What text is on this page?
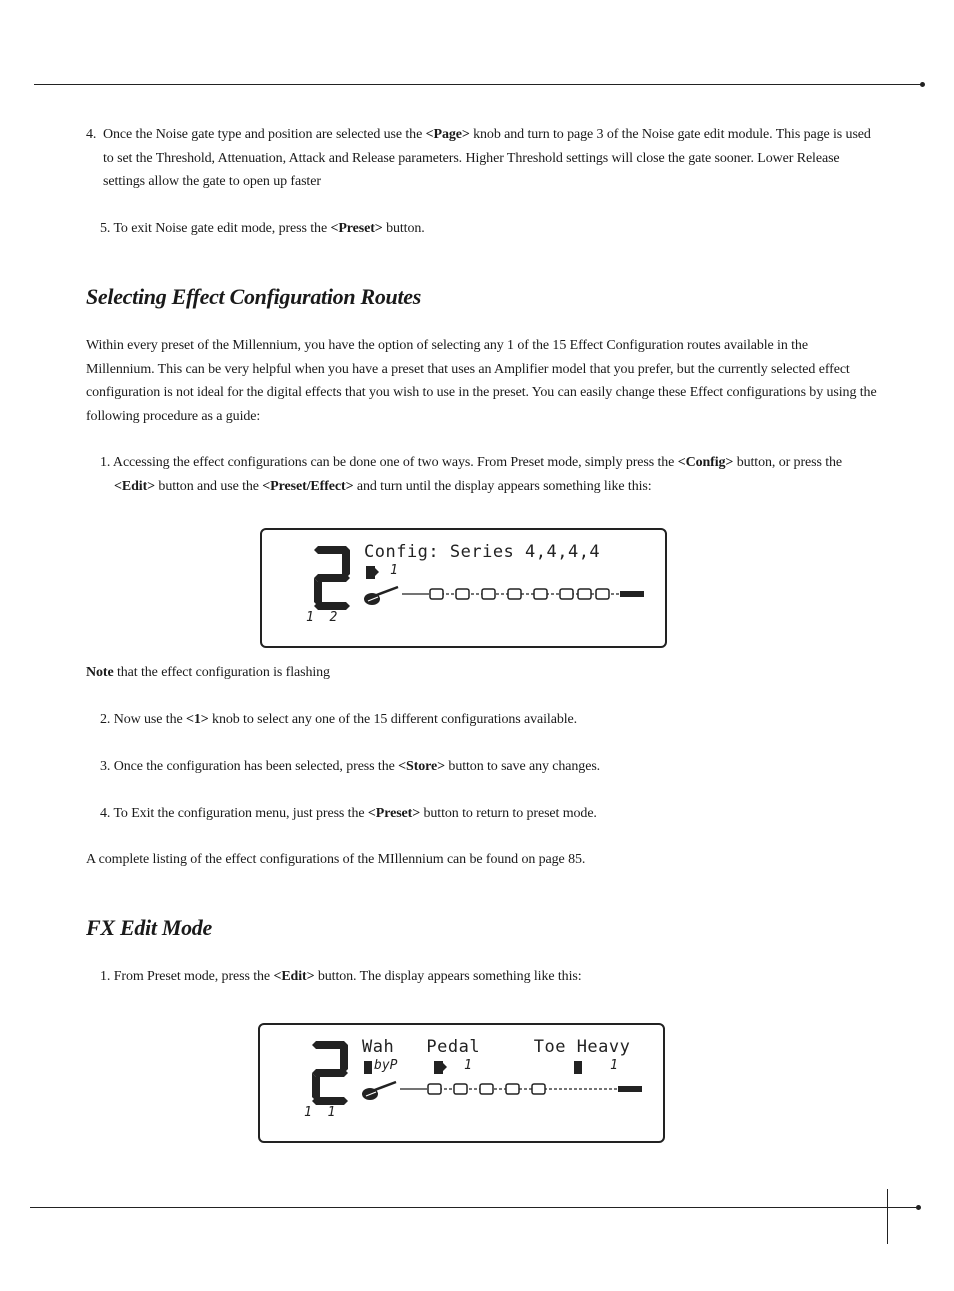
4. Once the Noise gate type and position are selected use the <Page> knob and turn to page 3 of the Noise gate edit module. This page is used to set the Threshold, Attenuation, Attack and Release parameters. Higher Threshold settings will close the gate sooner. Lower Release settings allow the gate to open up faster

5. To exit Noise gate edit mode, press the <Preset> button.

Selecting Effect Configuration Routes

Within every preset of the Millennium, you have the option of selecting any 1 of the 15 Effect Configuration routes available in the Millennium. This can be very helpful when you have a preset that uses an Amplifier model that you prefer, but the currently selected effect configuration is not ideal for the digital effects that you wish to use in the preset. You can easily change these Effect configurations by using the following procedure as a guide:

1. Accessing the effect configurations can be done one of two ways. From Preset mode, simply press the <Config> button, or press the <Edit> button and use the <Preset/Effect> and turn until the display appears something like this:

1  2

Config: Series 4,4,4,4

1

Note that the effect configuration is flashing

2. Now use the <1> knob to select any one of the 15 different configurations available.

3. Once the configuration has been selected, press the <Store> button to save any changes.

4. To Exit the configuration menu, just press the <Preset> button to return to preset mode.

A complete listing of the effect configurations of the MIllennium can be found on page 85.

FX Edit Mode

1. From Preset mode, press the <Edit> button. The display appears something like this:

1  1

Wah   Pedal     Toe Heavy

byP	1	1
